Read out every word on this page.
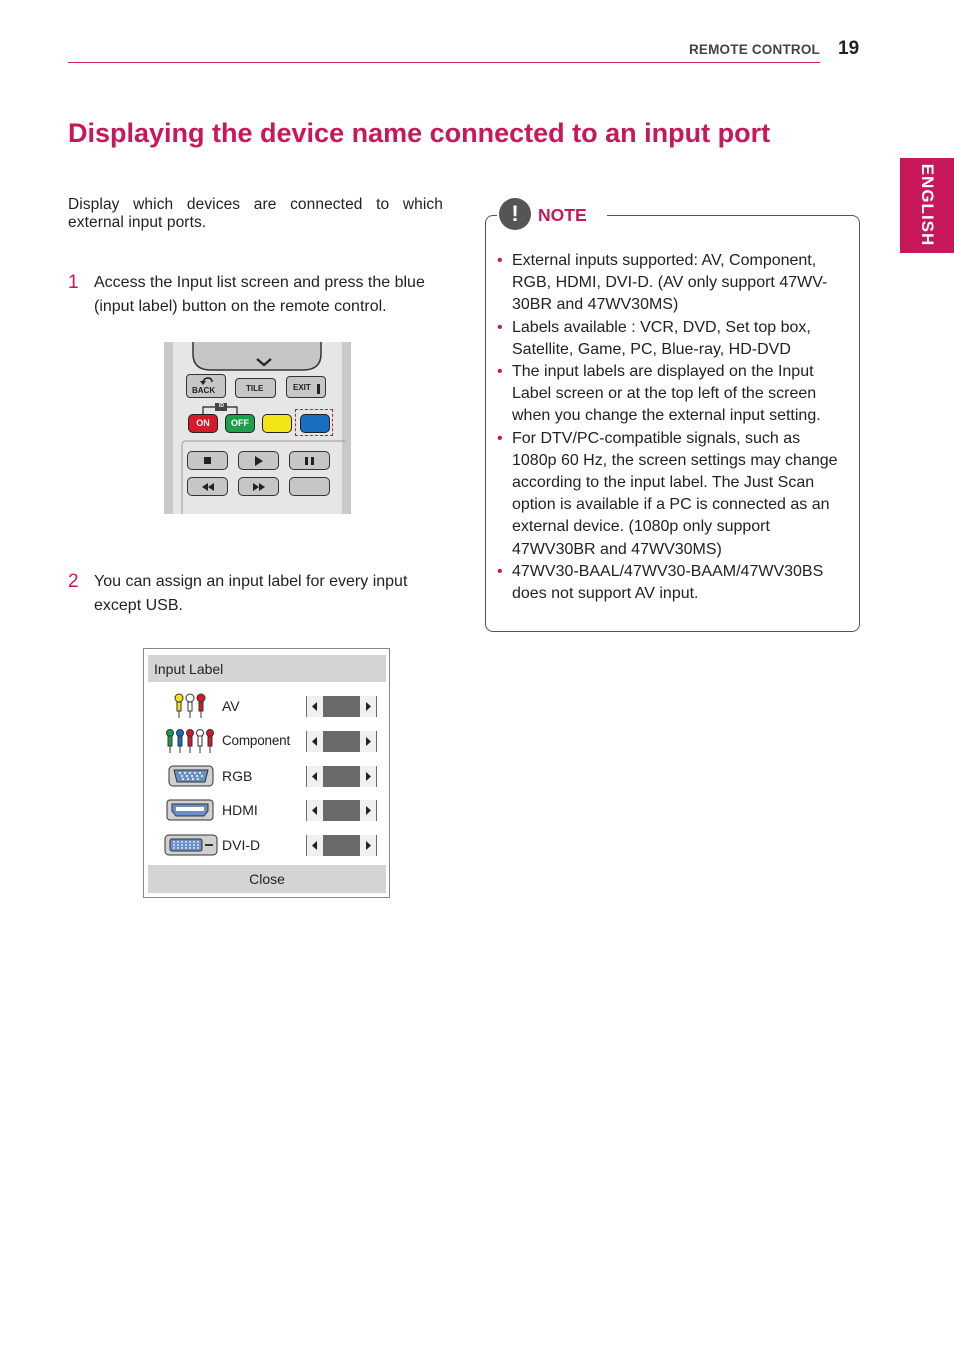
REMOTE CONTROL 19
ENGLISH
Displaying the device name connected to an input port
Display which devices are connected to which external input ports.
1 Access the Input list screen and press the blue (input label) button on the remote control.
BACK	TILE	EXIT
ID
ON	OFF
2 You can assign an input label for every input except USB.
Input Label
AV
Component
RGB
HDMI
DVI-D
Close
!	NOTE
• External inputs supported: AV, Component, RGB, HDMI, DVI-D. (AV only support 47WV-30BR and 47WV30MS)
• Labels available : VCR, DVD, Set top box, Satellite, Game, PC, Blue-ray, HD-DVD
• The input labels are displayed on the Input Label screen or at the top left of the screen when you change the external input setting.
• For DTV/PC-compatible signals, such as 1080p 60 Hz, the screen settings may change according to the input label. The Just Scan option is available if a PC is connected as an external device. (1080p only support 47WV30BR and 47WV30MS)
• 47WV30-BAAL/47WV30-BAAM/47WV30BS does not support AV input.
